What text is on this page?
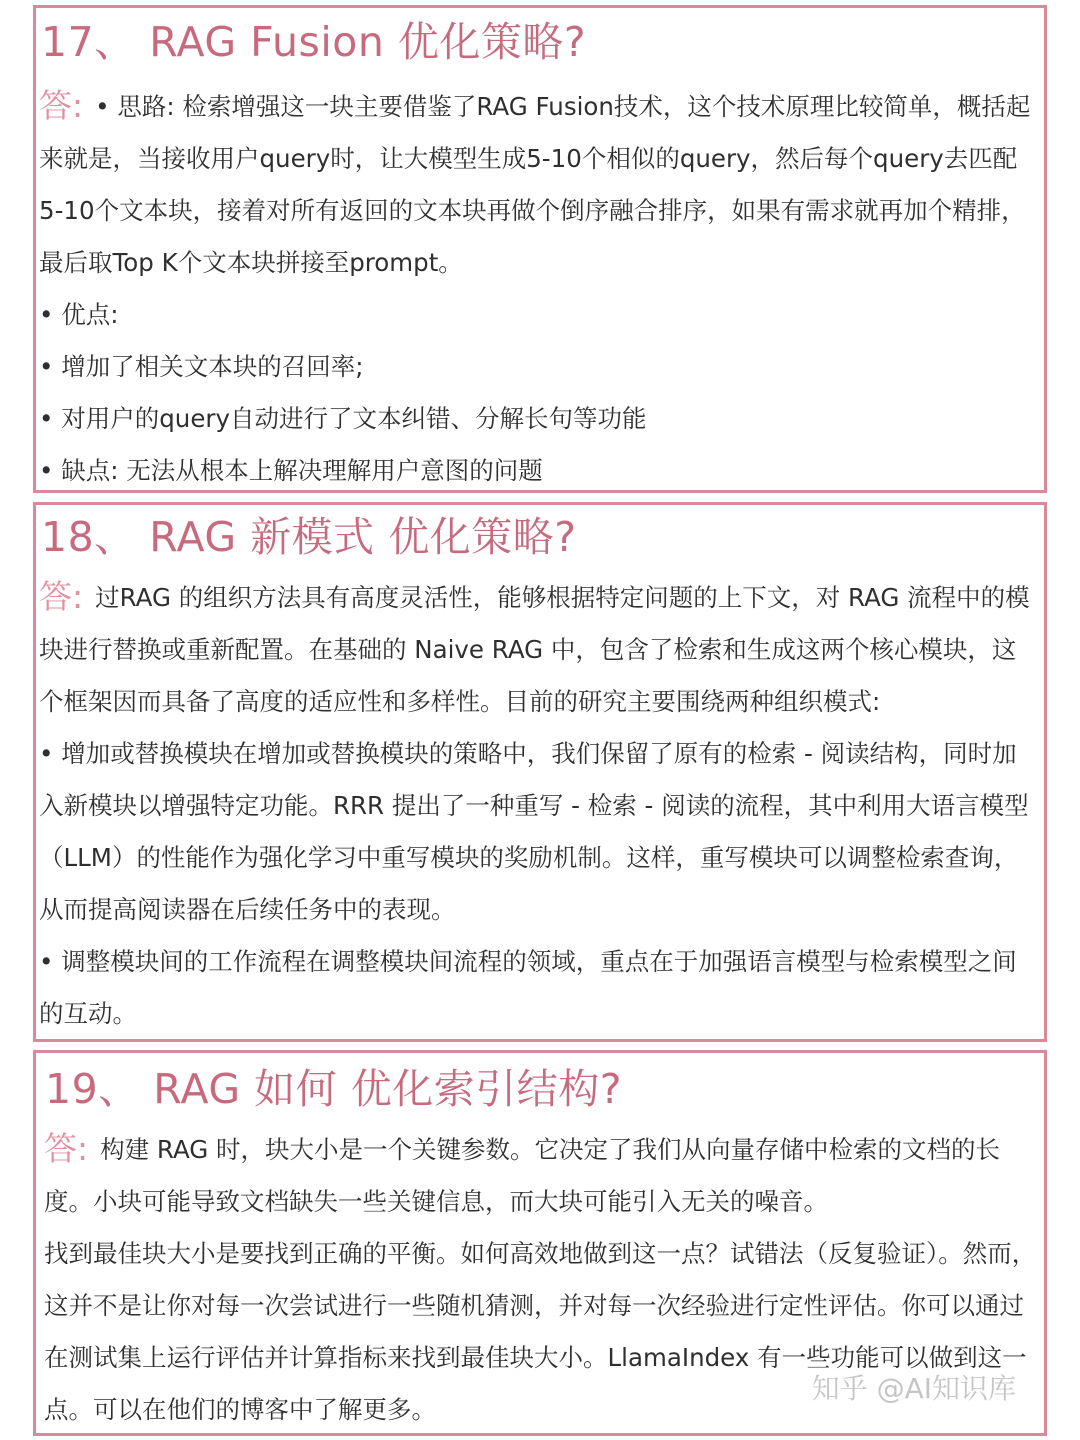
17、 RAG Fusion 优化策略?

答: • 思路: 检索增强这一块主要借鉴了RAG Fusion技术，这个技术原理比较简单，概括起来就是，当接收用户query时，让大模型生成5-10个相似的query，然后每个query去匹配5-10个文本块，接着对所有返回的文本块再做个倒序融合排序，如果有需求就再加个精排，最后取Top K个文本块拼接至prompt。

• 优点:

• 增加了相关文本块的召回率;

• 对用户的query自动进行了文本纠错、分解长句等功能

• 缺点: 无法从根本上解决理解用户意图的问题

18、 RAG 新模式 优化策略?

答: 过RAG 的组织方法具有高度灵活性，能够根据特定问题的上下文，对 RAG 流程中的模块进行替换或重新配置。在基础的 Naive RAG 中，包含了检索和生成这两个核心模块，这个框架因而具备了高度的适应性和多样性。目前的研究主要围绕两种组织模式:

• 增加或替换模块在增加或替换模块的策略中，我们保留了原有的检索 - 阅读结构，同时加入新模块以增强特定功能。RRR 提出了一种重写 - 检索 - 阅读的流程，其中利用大语言模型（LLM）的性能作为强化学习中重写模块的奖励机制。这样，重写模块可以调整检索查询，从而提高阅读器在后续任务中的表现。

• 调整模块间的工作流程在调整模块间流程的领域，重点在于加强语言模型与检索模型之间的互动。

19、 RAG 如何 优化索引结构?

答: 构建 RAG 时，块大小是一个关键参数。它决定了我们从向量存储中检索的文档的长度。小块可能导致文档缺失一些关键信息，而大块可能引入无关的噪音。

找到最佳块大小是要找到正确的平衡。如何高效地做到这一点？试错法（反复验证）。然而，这并不是让你对每一次尝试进行一些随机猜测，并对每一次经验进行定性评估。你可以通过在测试集上运行评估并计算指标来找到最佳块大小。LlamaIndex 有一些功能可以做到这一点。可以在他们的博客中了解更多。

知乎 @AI知识库
